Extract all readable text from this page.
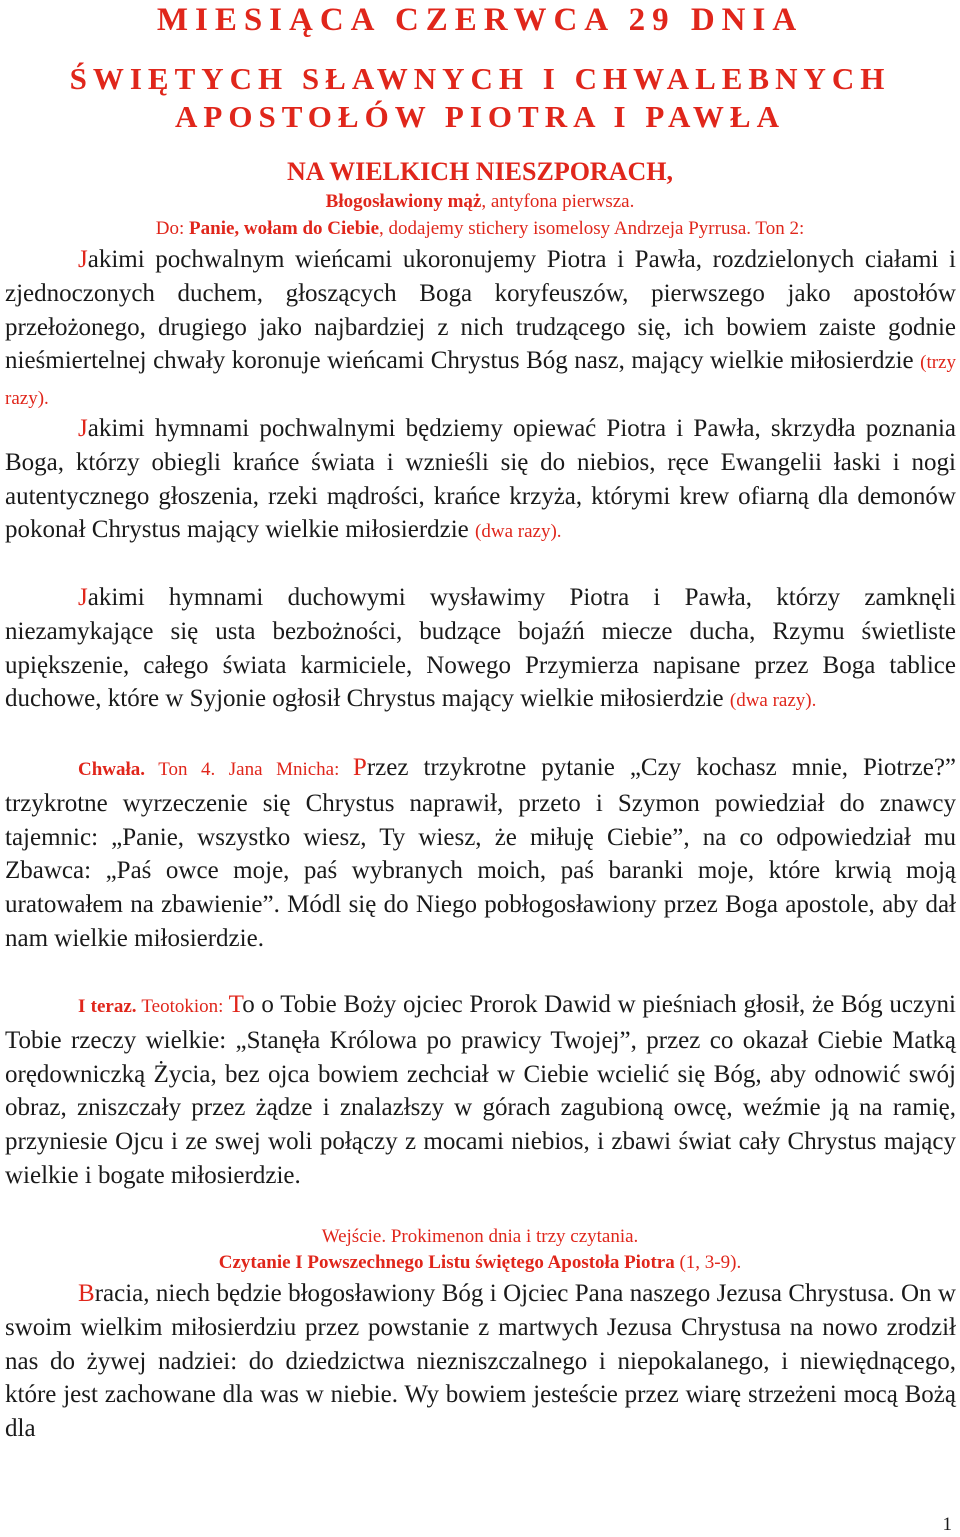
MIESIĄCA CZERWCA 29 DNIA
ŚWIĘTYCH SŁAWNYCH I CHWALEBNYCH
APOSTOŁÓW PIOTRA I PAWŁA
NA WIELKICH NIESZPORACH,
Błogosławiony mąż, antyfona pierwsza.
Do: Panie, wołam do Ciebie, dodajemy stichery isomelosy Andrzeja Pyrrusa. Ton 2:

Jakimi pochwalnym wieńcami ukoronujemy Piotra i Pawła, rozdzielonych ciałami i zjednoczonych duchem, głoszących Boga koryfeuszów, pierwszego jako apostołów przełożonego, drugiego jako najbardziej z nich trudzącego się, ich bowiem zaiste godnie nieśmiertelnej chwały koronuje wieńcami Chrystus Bóg nasz, mający wielkie miłosierdzie (trzy razy).

Jakimi hymnami pochwalnymi będziemy opiewać Piotra i Pawła, skrzydła poznania Boga, którzy obiegli krańce świata i wznieśli się do niebios, ręce Ewangelii łaski i nogi autentycznego głoszenia, rzeki mądrości, krańce krzyża, którymi krew ofiarną dla demonów pokonał Chrystus mający wielkie miłosierdzie (dwa razy).

Jakimi hymnami duchowymi wysławimy Piotra i Pawła, którzy zamknęli niezamykające się usta bezbożności, budzące bojaźń miecze ducha, Rzymu świetliste upiększenie, całego świata karmiciele, Nowego Przymierza napisane przez Boga tablice duchowe, które w Syjonie ogłosił Chrystus mający wielkie miłosierdzie (dwa razy).

Chwała. Ton 4. Jana Mnicha: Przez trzykrotne pytanie „Czy kochasz mnie, Piotrze?” trzykrotne wyrzeczenie się Chrystus naprawił, przeto i Szymon powiedział do znawcy tajemnic: „Panie, wszystko wiesz, Ty wiesz, że miłuję Ciebie”, na co odpowiedział mu Zbawca: „Paś owce moje, paś wybranych moich, paś baranki moje, które krwią moją uratowałem na zbawienie”. Módl się do Niego pobłogosławiony przez Boga apostole, aby dał nam wielkie miłosierdzie.

I teraz. Teotokion: To o Tobie Boży ojciec Prorok Dawid w pieśniach głosił, że Bóg uczyni Tobie rzeczy wielkie: „Stanęła Królowa po prawicy Twojej”, przez co okazał Ciebie Matką orędowniczką Życia, bez ojca bowiem zechciał w Ciebie wcielić się Bóg, aby odnowić swój obraz, zniszczały przez żądze i znalazłszy w górach zagubioną owcę, weźmie ją na ramię, przyniesie Ojcu i ze swej woli połączy z mocami niebios, i zbawi świat cały Chrystus mający wielkie i bogate miłosierdzie.

Wejście. Prokimenon dnia i trzy czytania.
Czytanie I Powszechnego Listu świętego Apostoła Piotra (1, 3-9).

Bracia, niech będzie błogosławiony Bóg i Ojciec Pana naszego Jezusa Chrystusa. On w swoim wielkim miłosierdziu przez powstanie z martwych Jezusa Chrystusa na nowo zrodził nas do żywej nadziei: do dziedzictwa niezniszczalnego i niepokalanego, i niewiędnącego, które jest zachowane dla was w niebie. Wy bowiem jesteście przez wiarę strzeżeni mocą Bożą dla

1
